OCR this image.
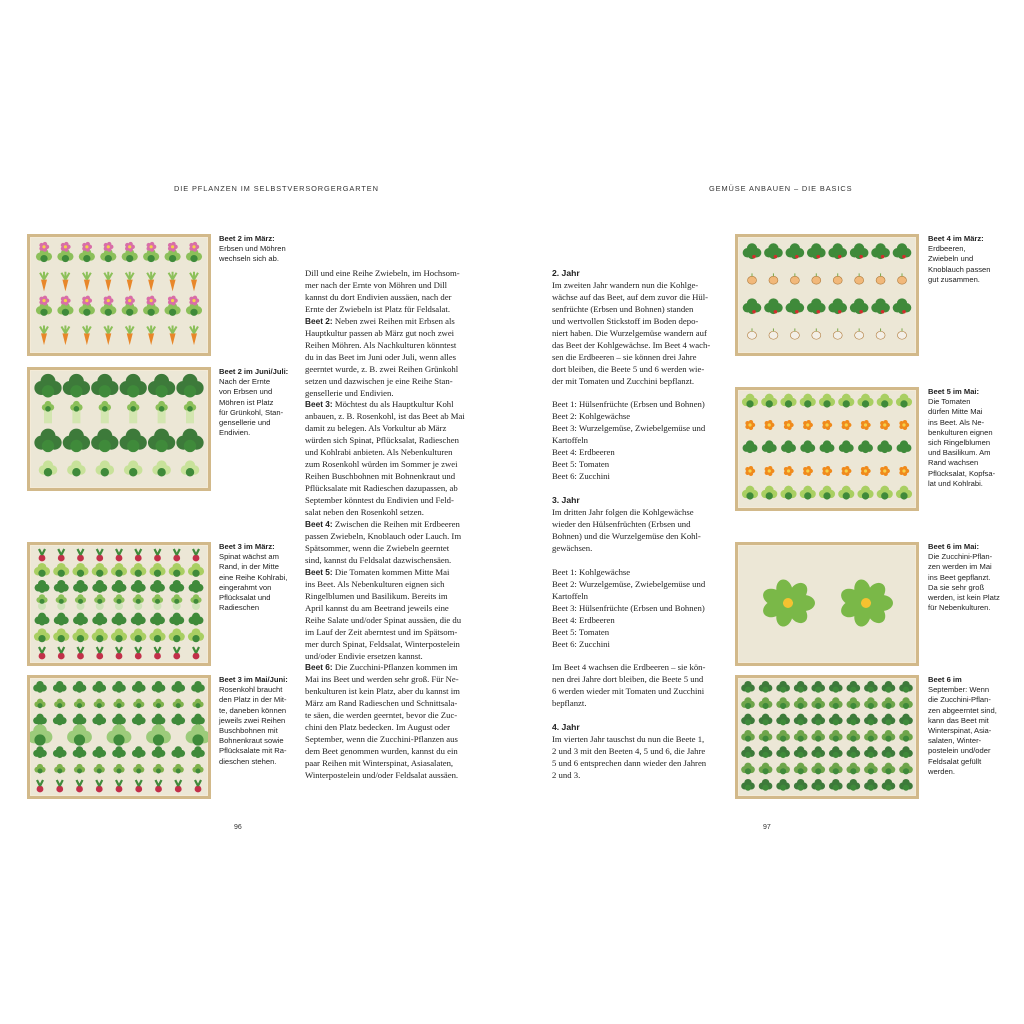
DIE PFLANZEN IM SELBSTVERSORGERGARTEN	GEMÜSE ANBAUEN – DIE BASICS
Beet 2 im März:
Erbsen und Möhren
wechseln sich ab.
Beet 2 im Juni/Juli:
Nach der Ernte
von Erbsen und
Möhren ist Platz
für Grünkohl, Stan-
gensellerie und
Endivien.
Beet 3 im März:
Spinat wächst am
Rand, in der Mitte
eine Reihe Kohlrabi,
eingerahmt von
Pflücksalat und
Radieschen
Beet 3 im Mai/Juni:
Rosenkohl braucht
den Platz in der Mit-
te, daneben können
jeweils zwei Reihen
Buschbohnen mit
Bohnenkraut sowie
Pflücksalate mit Ra-
dieschen stehen.

Dill und eine Reihe Zwiebeln, im Hochsom-

mer nach der Ernte von Möhren und Dill

kannst du dort Endivien aussäen, nach der

Ernte der Zwiebeln ist Platz für Feldsalat.

Beet 2: Neben zwei Reihen mit Erbsen als

Hauptkultur passen ab März gut noch zwei

Reihen Möhren. Als Nachkulturen könntest

du in das Beet im Juni oder Juli, wenn alles

geerntet wurde, z. B. zwei Reihen Grünkohl

setzen und dazwischen je eine Reihe Stan-

gensellerie und Endivien.

Beet 3: Möchtest du als Hauptkultur Kohl

anbauen, z. B. Rosenkohl, ist das Beet ab Mai

damit zu belegen. Als Vorkultur ab März

würden sich Spinat, Pflücksalat, Radieschen

und Kohlrabi anbieten. Als Nebenkulturen

zum Rosenkohl würden im Sommer je zwei

Reihen Buschbohnen mit Bohnenkraut und

Pflücksalate mit Radieschen dazupassen, ab

September könntest du Endivien und Feld-

salat neben den Rosenkohl setzen.

Beet 4: Zwischen die Reihen mit Erdbeeren

passen Zwiebeln, Knoblauch oder Lauch. Im

Spätsommer, wenn die Zwiebeln geerntet

sind, kannst du Feldsalat dazwischensäen.

Beet 5: Die Tomaten kommen Mitte Mai

ins Beet. Als Nebenkulturen eignen sich

Ringelblumen und Basilikum. Bereits im

April kannst du am Beetrand jeweils eine

Reihe Salate und/oder Spinat aussäen, die du

im Lauf der Zeit aberntest und im Spätsom-

mer durch Spinat, Feldsalat, Winterpostelein

und/oder Endivie ersetzen kannst.

Beet 6: Die Zucchini-Pflanzen kommen im

Mai ins Beet und werden sehr groß. Für Ne-

benkulturen ist kein Platz, aber du kannst im

März am Rand Radieschen und Schnittsala-

te säen, die werden geerntet, bevor die Zuc-

chini den Platz bedecken. Im August oder

September, wenn die Zucchini-Pflanzen aus

dem Beet genommen wurden, kannst du ein

paar Reihen mit Winterspinat, Asiasalaten,

Winterpostelein und/oder Feldsalat aussäen.

96
2. Jahr

Im zweiten Jahr wandern nun die Kohlge-

wächse auf das Beet, auf dem zuvor die Hül-

senfrüchte (Erbsen und Bohnen) standen

und wertvollen Stickstoff im Boden depo-

niert haben. Die Wurzelgemüse wandern auf

das Beet der Kohlgewächse. Im Beet 4 wach-

sen die Erdbeeren – sie können drei Jahre

dort bleiben, die Beete 5 und 6 werden wie-

der mit Tomaten und Zucchini bepflanzt.

Beet 1: Hülsenfrüchte (Erbsen und Bohnen)

Beet 2: Kohlgewächse

Beet 3: Wurzelgemüse, Zwiebelgemüse und

Kartoffeln

Beet 4: Erdbeeren

Beet 5: Tomaten

Beet 6: Zucchini

3. Jahr

Im dritten Jahr folgen die Kohlgewächse

wieder den Hülsenfrüchten (Erbsen und

Bohnen) und die Wurzelgemüse den Kohl-

gewächsen.

Beet 1: Kohlgewächse

Beet 2: Wurzelgemüse, Zwiebelgemüse und

Kartoffeln

Beet 3: Hülsenfrüchte (Erbsen und Bohnen)

Beet 4: Erdbeeren

Beet 5: Tomaten

Beet 6: Zucchini

Im Beet 4 wachsen die Erdbeeren – sie kön-

nen drei Jahre dort bleiben, die Beete 5 und

6 werden wieder mit Tomaten und Zucchini

bepflanzt.

4. Jahr

Im vierten Jahr tauschst du nun die Beete 1,

2 und 3 mit den Beeten 4, 5 und 6, die Jahre

5 und 6 entsprechen dann wieder den Jahren

2 und 3.

Beet 4 im März:
Erdbeeren,
Zwiebeln und
Knoblauch passen
gut zusammen.
Beet 5 im Mai:
Die Tomaten
dürfen Mitte Mai
ins Beet. Als Ne-
benkulturen eignen
sich Ringelblumen
und Basilikum. Am
Rand wachsen
Pflücksalat, Kopfsa-
lat und Kohlrabi.
Beet 6 im Mai:
Die Zucchini-Pflan-
zen werden im Mai
ins Beet gepflanzt.
Da sie sehr groß
werden, ist kein Platz
für Nebenkulturen.
Beet 6 im
September: Wenn
die Zucchini-Pflan-
zen abgeerntet sind,
kann das Beet mit
Winterspinat, Asia-
salaten, Winter-
postelein und/oder
Feldsalat gefüllt
werden.
97
